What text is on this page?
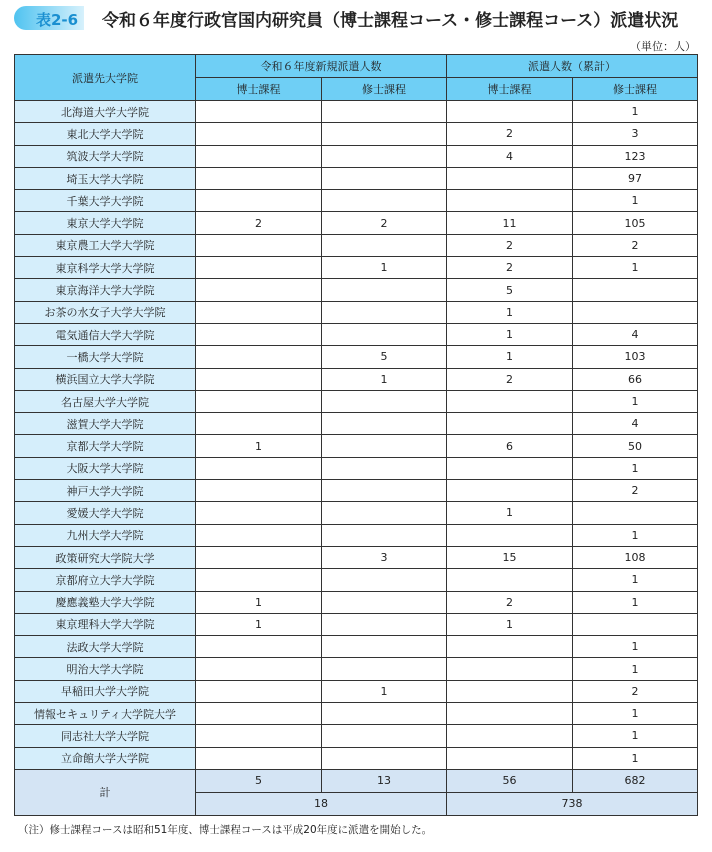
表2-6 令和６年度行政官国内研究員（博士課程コース・修士課程コース）派遣状況
（単位：人）
派遣先大学院	令和６年度新規派遣人数		派遣人数（累計）	
	博士課程	修士課程	博士課程	修士課程
北海道大学大学院				1
東北大学大学院			2	3
筑波大学大学院			4	123
埼玉大学大学院				97
千葉大学大学院				1
東京大学大学院	2	2	11	105
東京農工大学大学院			2	2
東京科学大学大学院		1	2	1
東京海洋大学大学院			5	
お茶の水女子大学大学院			1	
電気通信大学大学院			1	4
一橋大学大学院		5	1	103
横浜国立大学大学院		1	2	66
名古屋大学大学院				1
滋賀大学大学院				4
京都大学大学院	1		6	50
大阪大学大学院				1
神戸大学大学院				2
愛媛大学大学院			1	
九州大学大学院				1
政策研究大学院大学		3	15	108
京都府立大学大学院				1
慶應義塾大学大学院	1		2	1
東京理科大学大学院	1		1	
法政大学大学院				1
明治大学大学院				1
早稲田大学大学院		1		2
情報セキュリティ大学院大学				1
同志社大学大学院				1
立命館大学大学院				1
計	5	13	56	682
	18		738	
（注）修士課程コースは昭和51年度、博士課程コースは平成20年度に派遣を開始した。
